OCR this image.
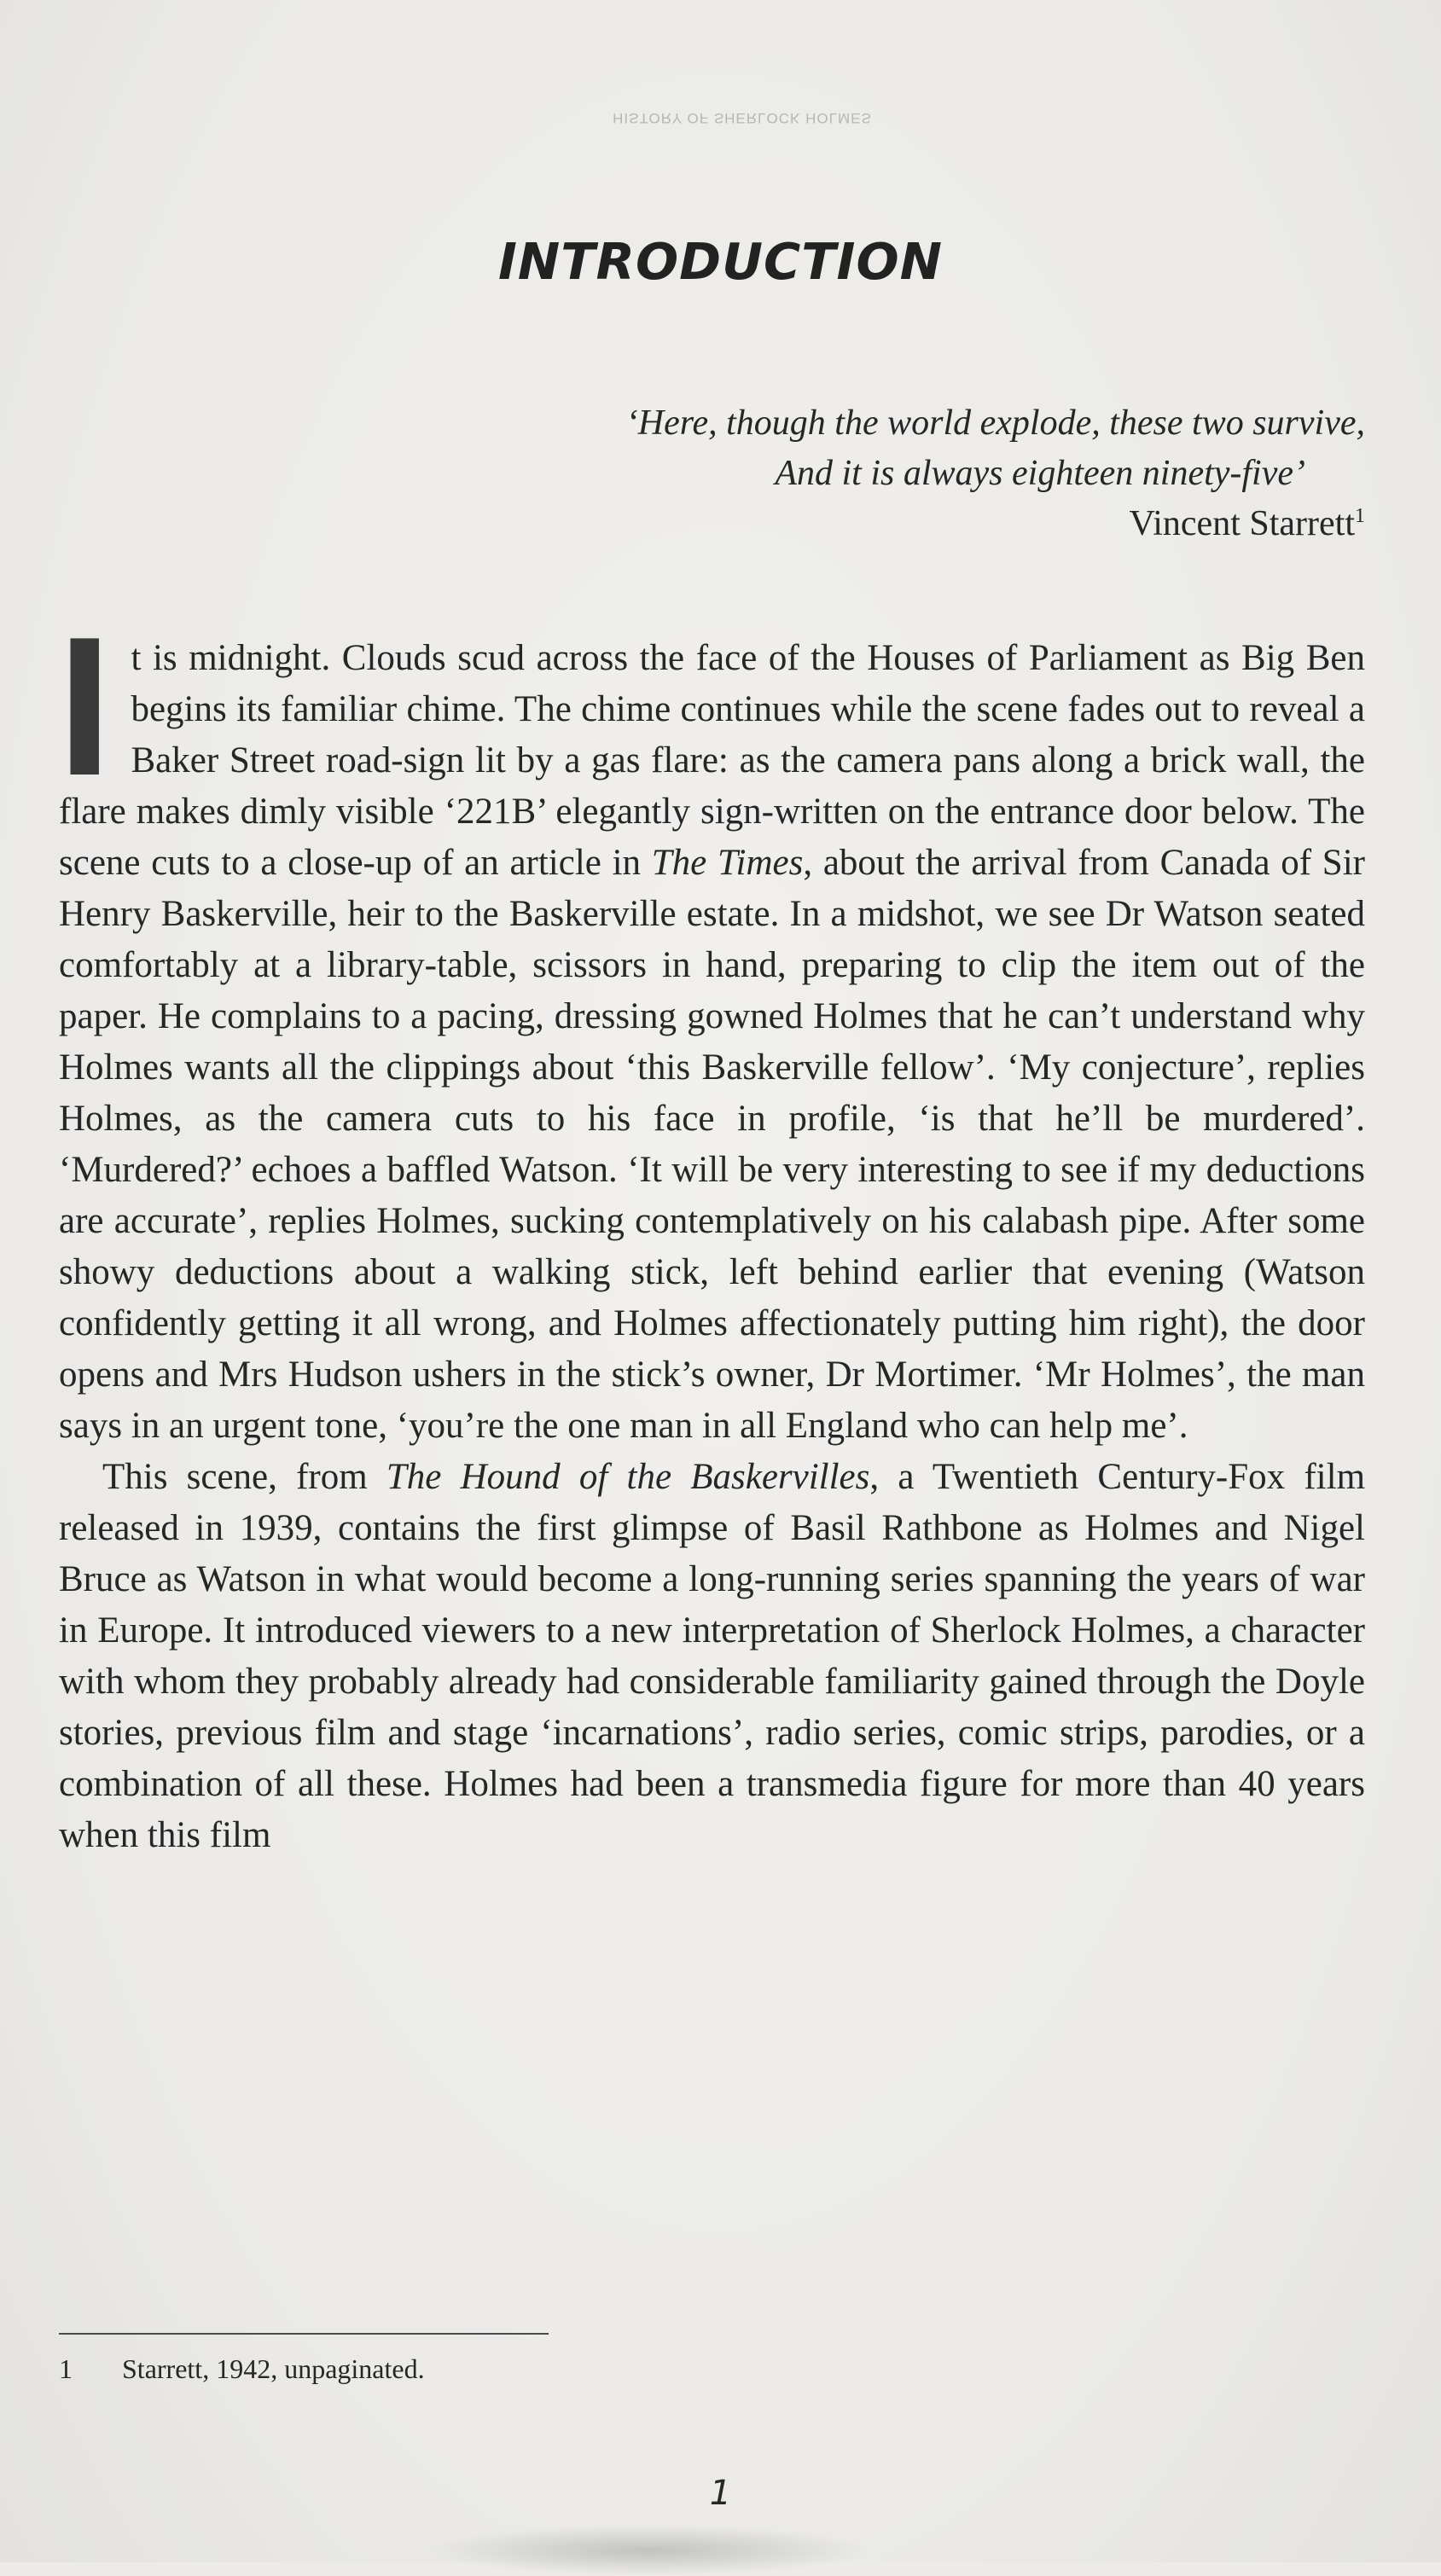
HISTORY OF SHERLOCK HOLMES
INTRODUCTION
‘Here, though the world explode, these two survive,
And it is always eighteen ninety-five’
Vincent Starrett$^1$

It is midnight. Clouds scud across the face of the Houses of Parliament as Big Ben begins its familiar chime. The chime continues while the scene fades out to reveal a Baker Street road-sign lit by a gas flare: as the camera pans along a brick wall, the flare makes dimly visible ‘221B’ elegantly sign-written on the entrance door below. The scene cuts to a close-up of an article in The Times, about the arrival from Canada of Sir Henry Baskerville, heir to the Baskerville estate. In a midshot, we see Dr Watson seated comfortably at a library-table, scissors in hand, preparing to clip the item out of the paper. He complains to a pacing, dressing gowned Holmes that he can’t understand why Holmes wants all the clippings about ‘this Baskerville fellow’. ‘My conjecture’, replies Holmes, as the camera cuts to his face in profile, ‘is that he’ll be murdered’. ‘Murdered?’ echoes a baffled Watson. ‘It will be very interesting to see if my deductions are accurate’, replies Holmes, sucking contemplatively on his calabash pipe. After some showy deductions about a walking stick, left behind earlier that evening (Watson confidently getting it all wrong, and Holmes affectionately putting him right), the door opens and Mrs Hudson ushers in the stick’s owner, Dr Mortimer. ‘Mr Holmes’, the man says in an urgent tone, ‘you’re the one man in all England who can help me’.

This scene, from The Hound of the Baskervilles, a Twentieth Century-Fox film released in 1939, contains the first glimpse of Basil Rathbone as Holmes and Nigel Bruce as Watson in what would become a long-running series spanning the years of war in Europe. It introduced viewers to a new interpretation of Sherlock Holmes, a character with whom they probably already had considerable familiarity gained through the Doyle stories, previous film and stage ‘incarnations’, radio series, comic strips, parodies, or a combination of all these. Holmes had been a transmedia figure for more than 40 years when this film

1 Starrett, 1942, unpaginated.
1
